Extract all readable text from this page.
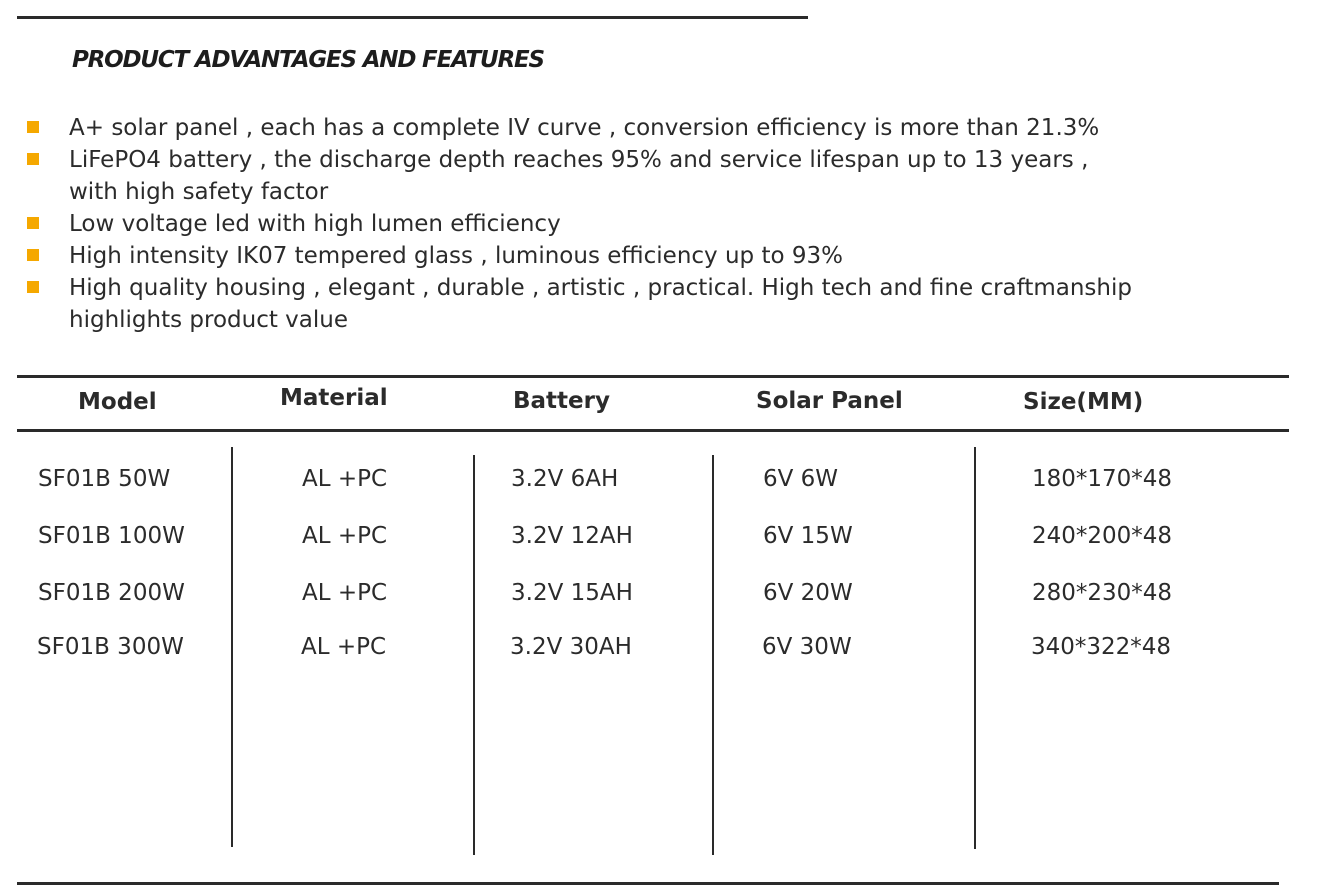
PRODUCT ADVANTAGES AND FEATURES
A+ solar panel , each has a complete IV curve , conversion efficiency is more than 21.3%
LiFePO4 battery , the discharge depth reaches 95% and service lifespan up to 13 years ,
with high safety factor
Low voltage led with high lumen efficiency
High intensity IK07 tempered glass , luminous efficiency up to 93%
High quality housing , elegant , durable , artistic , practical. High tech and fine craftmanship
highlights product value
Model	Material	Battery	Solar Panel	Size(MM)
SF01B 50W	AL +PC	3.2V 6AH	6V 6W	180*170*48
SF01B 100W	AL +PC	3.2V 12AH	6V 15W	240*200*48
SF01B 200W	AL +PC	3.2V 15AH	6V 20W	280*230*48
SF01B 300W	AL +PC	3.2V 30AH	6V 30W	340*322*48
